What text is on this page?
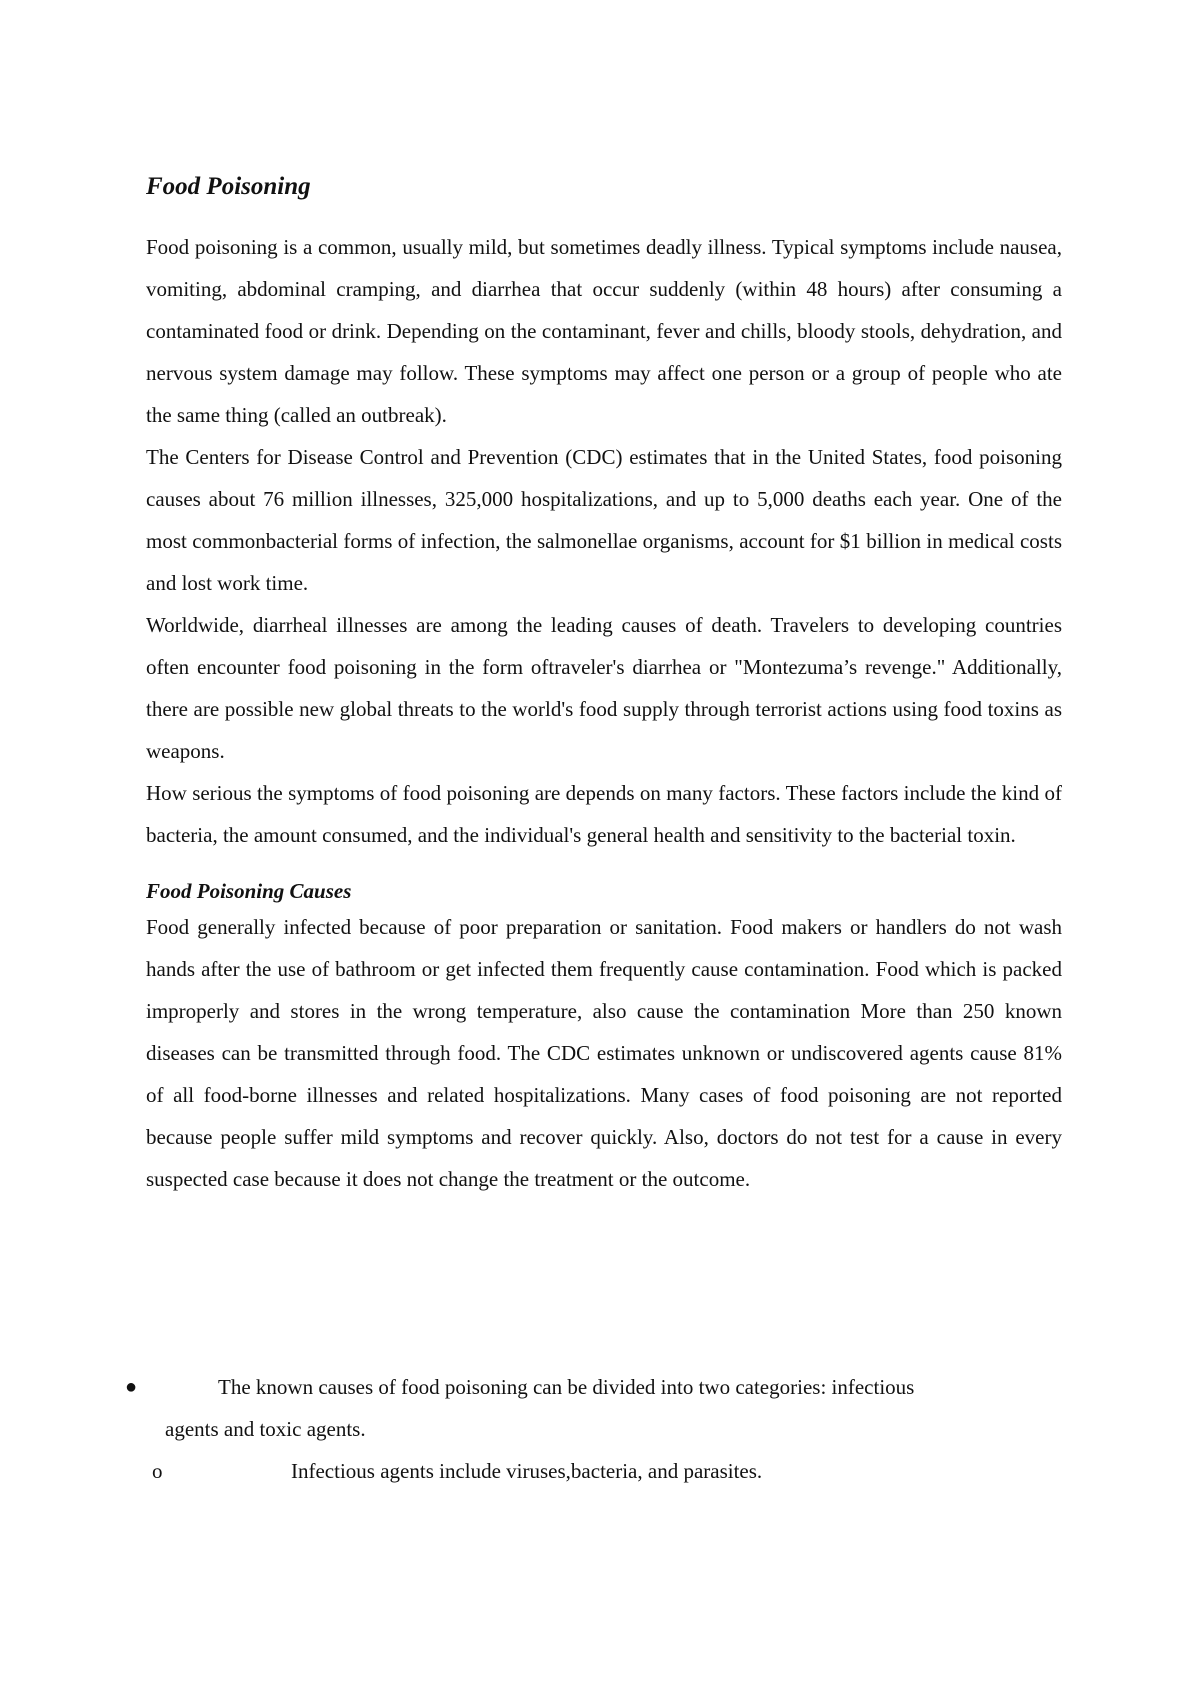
Food Poisoning

Food poisoning is a common, usually mild, but sometimes deadly illness. Typical symptoms include nausea, vomiting, abdominal cramping, and diarrhea that occur suddenly (within 48 hours) after consuming a contaminated food or drink. Depending on the contaminant, fever and chills, bloody stools, dehydration, and nervous system damage may follow. These symptoms may affect one person or a group of people who ate the same thing (called an outbreak).

The Centers for Disease Control and Prevention (CDC) estimates that in the United States, food poisoning causes about 76 million illnesses, 325,000 hospitalizations, and up to 5,000 deaths each year. One of the most commonbacterial forms of infection, the salmonellae organisms, account for $1 billion in medical costs and lost work time.

Worldwide, diarrheal illnesses are among the leading causes of death. Travelers to developing countries often encounter food poisoning in the form oftraveler's diarrhea or "Montezuma’s revenge." Additionally, there are possible new global threats to the world's food supply through terrorist actions using food toxins as weapons.

How serious the symptoms of food poisoning are depends on many factors. These factors include the kind of bacteria, the amount consumed, and the individual's general health and sensitivity to the bacterial toxin.

Food Poisoning Causes

Food generally infected because of poor preparation or sanitation. Food makers or handlers do not wash hands after the use of bathroom or get infected them frequently cause contamination. Food which is packed improperly and stores in the wrong temperature, also cause the contamination More than 250 known diseases can be transmitted through food. The CDC estimates unknown or undiscovered agents cause 81% of all food-borne illnesses and related hospitalizations. Many cases of food poisoning are not reported because people suffer mild symptoms and recover quickly. Also, doctors do not test for a cause in every suspected case because it does not change the treatment or the outcome.

●	The known causes of food poisoning can be divided into two categories: infectious
agents and toxic agents.
o	Infectious agents include viruses,bacteria, and parasites.
